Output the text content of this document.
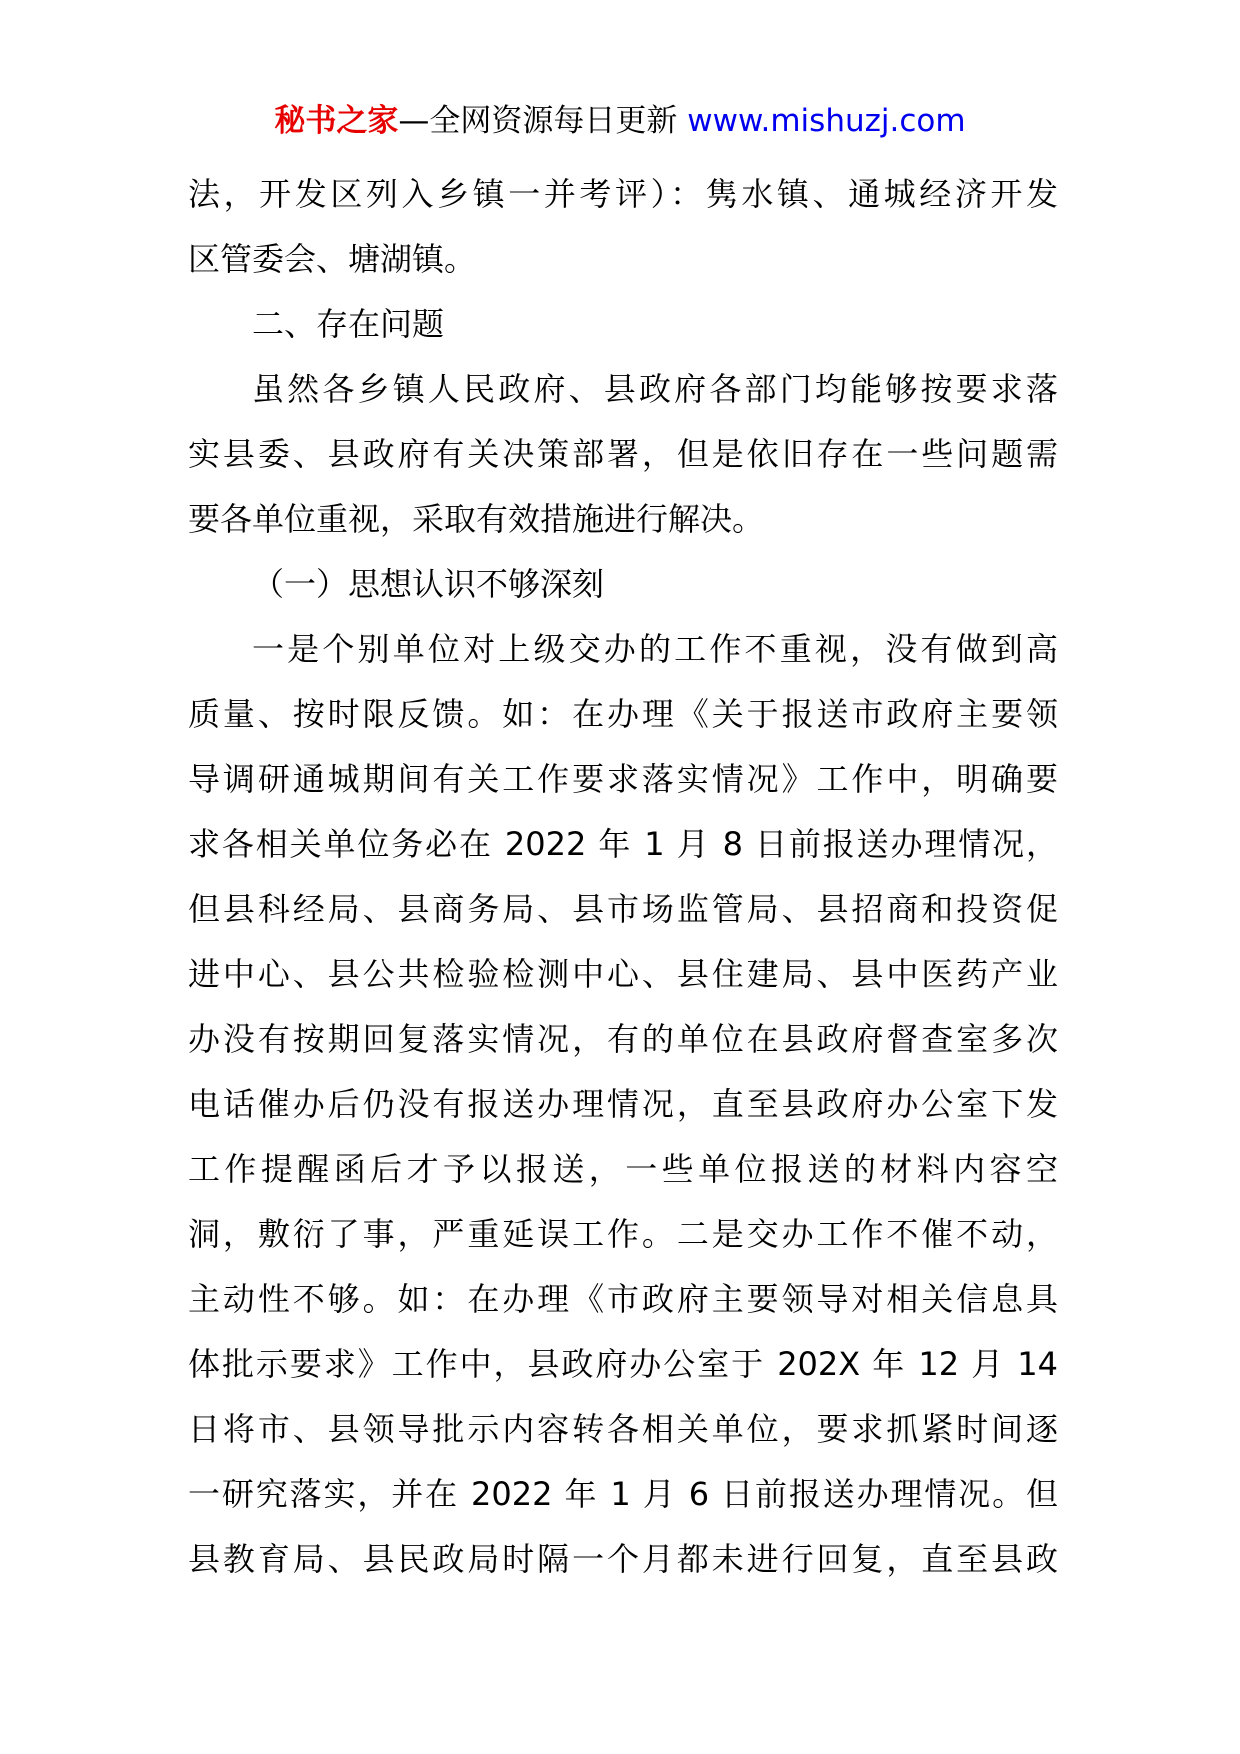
秘书之家—全网资源每日更新 www.mishuzj.com
法，开发区列入乡镇一并考评）：隽水镇、通城经济开发
区管委会、塘湖镇。
二、存在问题
虽然各乡镇人民政府、县政府各部门均能够按要求落
实县委、县政府有关决策部署，但是依旧存在一些问题需
要各单位重视，采取有效措施进行解决。
（一）思想认识不够深刻
一是个别单位对上级交办的工作不重视，没有做到高
质量、按时限反馈。如：在办理《关于报送市政府主要领
导调研通城期间有关工作要求落实情况》工作中，明确要
求各相关单位务必在 2022 年 1 月 8 日前报送办理情况，
但县科经局、县商务局、县市场监管局、县招商和投资促
进中心、县公共检验检测中心、县住建局、县中医药产业
办没有按期回复落实情况，有的单位在县政府督查室多次
电话催办后仍没有报送办理情况，直至县政府办公室下发
工作提醒函后才予以报送，一些单位报送的材料内容空
洞，敷衍了事，严重延误工作。二是交办工作不催不动，
主动性不够。如：在办理《市政府主要领导对相关信息具
体批示要求》工作中，县政府办公室于 202X 年 12 月 14
日将市、县领导批示内容转各相关单位，要求抓紧时间逐
一研究落实，并在 2022 年 1 月 6 日前报送办理情况。但
县教育局、县民政局时隔一个月都未进行回复，直至县政
